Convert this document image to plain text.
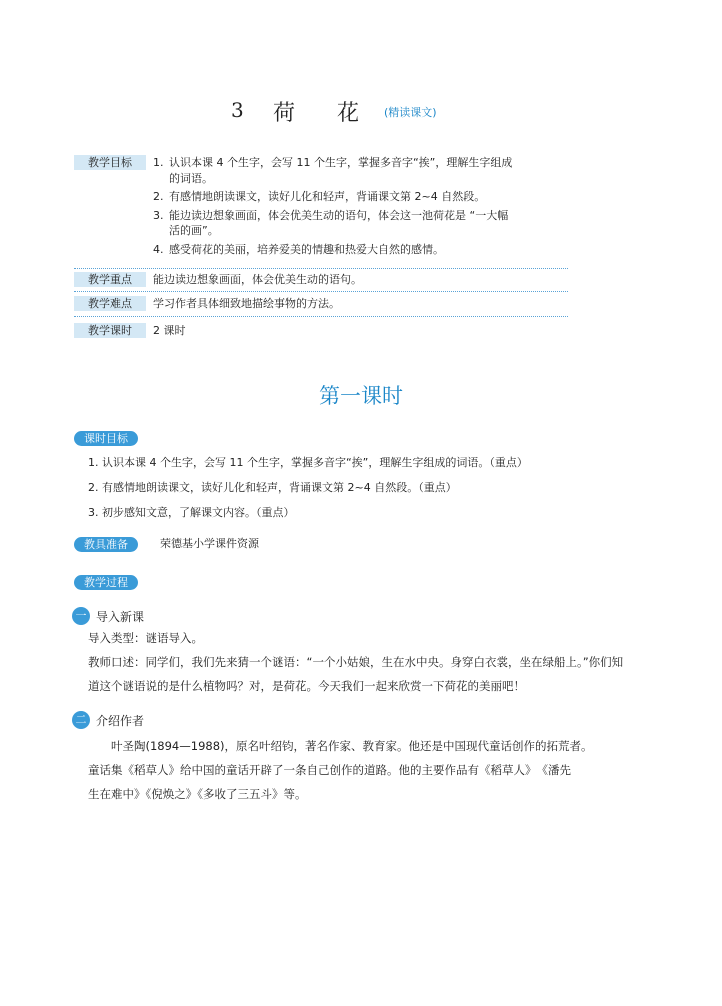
3 荷 花 (精读课文)
教学目标	1. 认识本课 4 个生字，会写 11 个生字，掌握多音字“挨”，理解生字组成
的词语。
2. 有感情地朗读课文，读好儿化和轻声，背诵课文第 2~4 自然段。
3. 能边读边想象画面，体会优美生动的语句，体会这一池荷花是 “一大幅
活的画”。
4. 感受荷花的美丽，培养爱美的情趣和热爱大自然的感情。
教学重点	能边读边想象画面，体会优美生动的语句。
教学难点	学习作者具体细致地描绘事物的方法。
教学课时	2 课时
第一课时
课时目标

1. 认识本课 4 个生字，会写 11 个生字，掌握多音字“挨”，理解生字组成的词语。（重点）

2. 有感情地朗读课文，读好儿化和轻声，背诵课文第 2~4 自然段。（重点）

3. 初步感知文意，了解课文内容。（重点）

教具准备	荣德基小学课件资源
教学过程
一 导入新课

导入类型：谜语导入。

教师口述：同学们，我们先来猜一个谜语：“一个小姑娘，生在水中央。身穿白衣裳，坐在绿船上。”你们知

道这个谜语说的是什么植物吗？对，是荷花。今天我们一起来欣赏一下荷花的美丽吧！

二 介绍作者

　　叶圣陶(1894—1988)，原名叶绍钧，著名作家、教育家。他还是中国现代童话创作的拓荒者。

童话集《稻草人》给中国的童话开辟了一条自己创作的道路。他的主要作品有《稻草人》　《潘先

生在难中》《倪焕之》《多收了三五斗》等。
